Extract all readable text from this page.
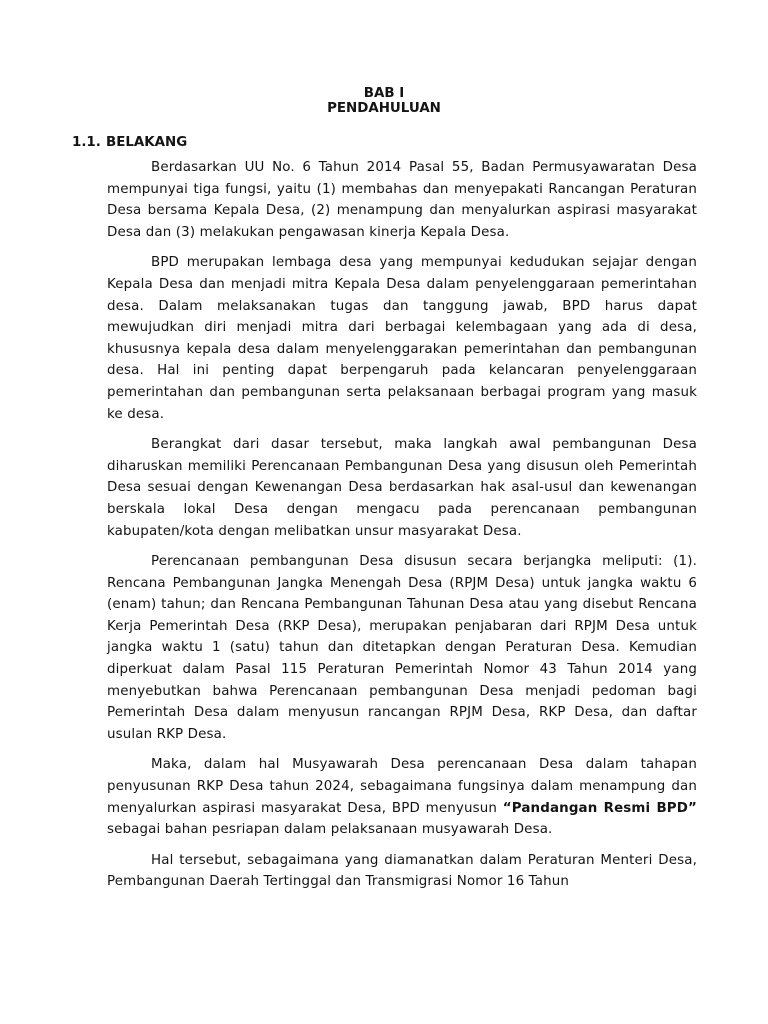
BAB I
PENDAHULUAN
1.1. BELAKANG

Berdasarkan UU No. 6 Tahun 2014 Pasal 55, Badan Permusyawaratan Desa mempunyai tiga fungsi, yaitu (1) membahas dan menyepakati Rancangan Peraturan Desa bersama Kepala Desa, (2) menampung dan menyalurkan aspirasi masyarakat Desa dan (3) melakukan pengawasan kinerja Kepala Desa.

BPD merupakan lembaga desa yang mempunyai kedudukan sejajar dengan Kepala Desa dan menjadi mitra Kepala Desa dalam penyelenggaraan pemerintahan desa. Dalam melaksanakan tugas dan tanggung jawab, BPD harus dapat mewujudkan diri menjadi mitra dari berbagai kelembagaan yang ada di desa, khususnya kepala desa dalam menyelenggarakan pemerintahan dan pembangunan desa. Hal ini penting dapat berpengaruh pada kelancaran penyelenggaraan pemerintahan dan pembangunan serta pelaksanaan berbagai program yang masuk ke desa.

Berangkat dari dasar tersebut, maka langkah awal pembangunan Desa diharuskan memiliki Perencanaan Pembangunan Desa yang disusun oleh Pemerintah Desa sesuai dengan Kewenangan Desa berdasarkan hak asal-usul dan kewenangan berskala lokal Desa dengan mengacu pada perencanaan pembangunan kabupaten/kota dengan melibatkan unsur masyarakat Desa.

Perencanaan pembangunan Desa disusun secara berjangka meliputi: (1). Rencana Pembangunan Jangka Menengah Desa (RPJM Desa) untuk jangka waktu 6 (enam) tahun; dan Rencana Pembangunan Tahunan Desa atau yang disebut Rencana Kerja Pemerintah Desa (RKP Desa), merupakan penjabaran dari RPJM Desa untuk jangka waktu 1 (satu) tahun dan ditetapkan dengan Peraturan Desa. Kemudian diperkuat dalam Pasal 115 Peraturan Pemerintah Nomor 43 Tahun 2014 yang menyebutkan bahwa Perencanaan pembangunan Desa menjadi pedoman bagi Pemerintah Desa dalam menyusun rancangan RPJM Desa, RKP Desa, dan daftar usulan RKP Desa.

Maka, dalam hal Musyawarah Desa perencanaan Desa dalam tahapan penyusunan RKP Desa tahun 2024, sebagaimana fungsinya dalam menampung dan menyalurkan aspirasi masyarakat Desa, BPD menyusun “Pandangan Resmi BPD” sebagai bahan pesriapan dalam pelaksanaan musyawarah Desa.

Hal tersebut, sebagaimana yang diamanatkan dalam Peraturan Menteri Desa, Pembangunan Daerah Tertinggal dan Transmigrasi Nomor 16 Tahun
